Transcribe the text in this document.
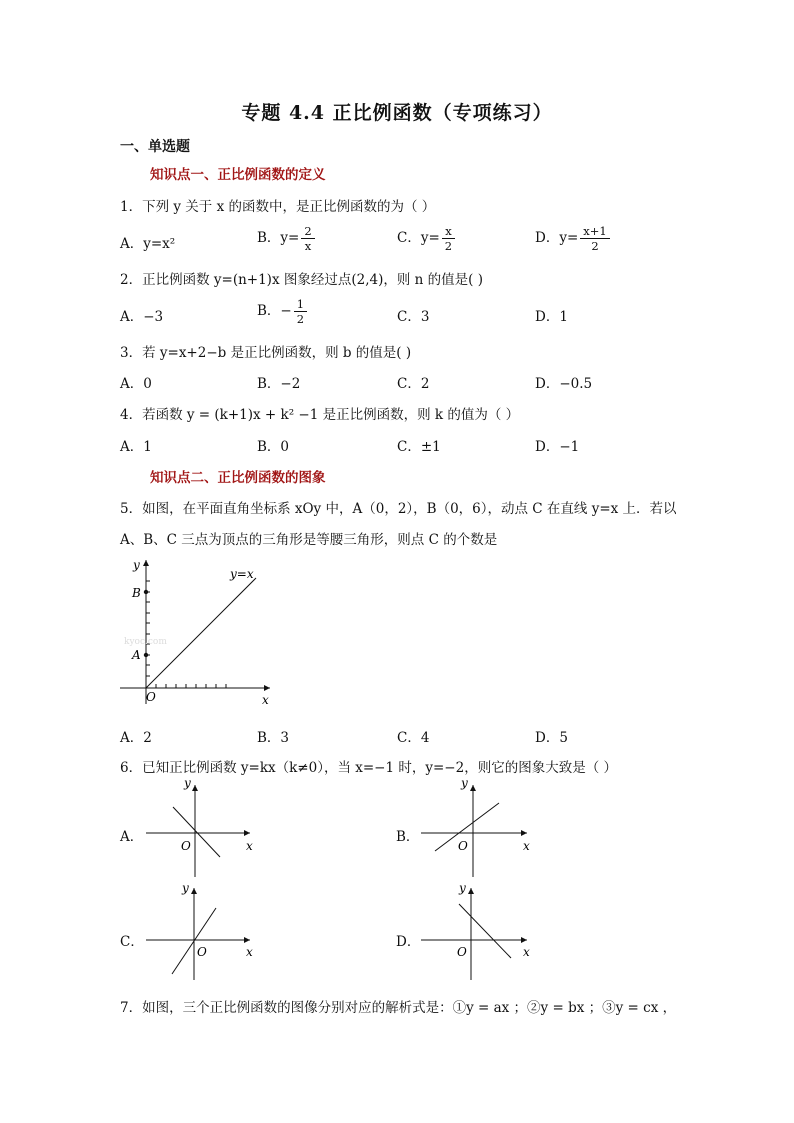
专题 4.4 正比例函数（专项练习）
一、单选题
知识点一、正比例函数的定义
1．下列 y 关于 x 的函数中，是正比例函数的为（ ）
A．y=x²	B．$y= \frac{2}{x}$	C．$y= \frac{x}{2}$	D．$y= \frac{x+1}{2}$
2．正比例函数 y=(n+1)x 图象经过点(2,4)，则 n 的值是( )
A．−3	B．− $\frac{1}{2}$	C．3	D．1
3．若 y=x+2−b 是正比例函数，则 b 的值是( )
A．0	B．−2	C．2	D．−0.5
4．若函数 y = (k+1)x + k² −1 是正比例函数，则 k 的值为（ ）
A．1	B．0	C．±1	D．−1
知识点二、正比例函数的图象
5．如图，在平面直角坐标系 xOy 中，A（0，2），B（0，6），动点 C 在直线 y=x 上．若以
A、B、C 三点为顶点的三角形是等腰三角形，则点 C 的个数是
y=x
y
x
O
A
B
kyoc.com
A．2	B．3	C．4	D．5
6．已知正比例函数 y=kx（k≠0），当 x=−1 时，y=−2，则它的图象大致是（ ）
A．
y
x
O
B．
y
x
O
C．
y
x
O
D．
y
x
O
7．如图，三个正比例函数的图像分别对应的解析式是：①y = ax ；②y = bx ；③y = cx ，
